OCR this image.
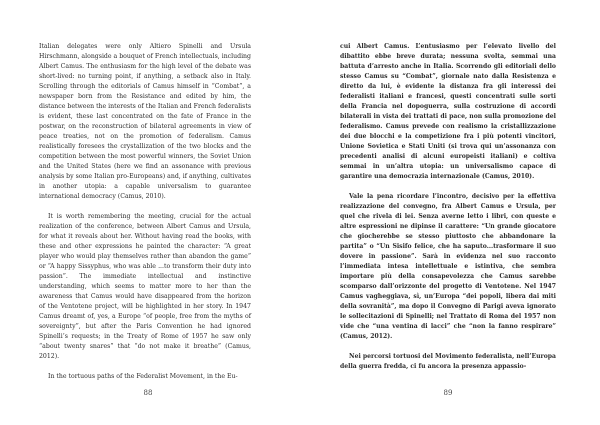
Italian delegates were only Altiero Spinelli and Ursula Hirschmann, alongside a bouquet of French intellectuals, including Albert Camus. The enthusiasm for the high level of the debate was short-lived: no turning point, if anything, a setback also in Italy. Scrolling through the editorials of Camus himself in “Combat”, a newspaper born from the Resistance and edited by him, the distance between the interests of the Italian and French federalists is evident, these last concentrated on the fate of France in the postwar, on the reconstruction of bilateral agreements in view of peace treaties, not on the promotion of federalism. Camus realistically foresees the crystallization of the two blocks and the competition between the most powerful winners, the Soviet Union and the United States (here we find an assonance with previous analysis by some Italian pro-Europeans) and, if anything, cultivates in another utopia: a capable universalism to guarantee international democracy (Camus, 2010).

It is worth remembering the meeting, crucial for the actual realization of the conference, between Albert Camus and Ursula, for what it reveals about her. Without having read the books, with these and other expressions he painted the character: “A great player who would play themselves rather than abandon the game” or “A happy Sissyphus, who was able ...to transform their duty into passion”. The immediate intellectual and instinctive understanding, which seems to matter more to her than the awareness that Camus would have disappeared from the horizon of the Ventotene project, will be highlighted in her story. In 1947 Camus dreamt of, yes, a Europe “of people, free from the myths of sovereignty”, but after the Paris Convention he had ignored Spinelli’s requests; in the Treaty of Rome of 1957 he saw only “about twenty snares” that “do not make it breathe” (Camus, 2012).

In the tortuous paths of the Federalist Movement, in the Eu-

88

cui Albert Camus. L’entusiasmo per l’elevato livello del dibattito ebbe breve durata; nessuna svolta, semmai una battuta d’arresto anche in Italia. Scorrendo gli editoriali dello stesso Camus su “Combat”, giornale nato dalla Resistenza e diretto da lui, è evidente la distanza fra gli interessi dei federalisti italiani e francesi, questi concentrati sulle sorti della Francia nel dopoguerra, sulla costruzione di accordi bilaterali in vista dei trattati di pace, non sulla promozione del federalismo. Camus prevede con realismo la cristallizzazione dei due blocchi e la competizione fra i più potenti vincitori, Unione Sovietica e Stati Uniti (si trova qui un’assonanza con precedenti analisi di alcuni europeisti italiani) e coltiva semmai in un’altra utopia: un universalismo capace di garantire una democrazia internazionale (Camus, 2010).

Vale la pena ricordare l’incontro, decisivo per la effettiva realizzazione del convegno, fra Albert Camus e Ursula, per quel che rivela di lei. Senza averne letto i libri, con queste e altre espressioni ne dipinse il carattere: “Un grande giocatore che giocherebbe se stesso piuttosto che abbandonare la partita” o “Un Sisifo felice, che ha saputo...trasformare il suo dovere in passione”. Sarà in evidenza nel suo racconto l’immediata intesa intellettuale e istintiva, che sembra importare più della consapevolezza che Camus sarebbe scomparso dall’orizzonte del progetto di Ventotene. Nel 1947 Camus vagheggiava, sì, un’Europa “dei popoli, libera dai miti della sovranità”, ma dopo il Convegno di Parigi aveva ignorato le sollecitazioni di Spinelli; nel Trattato di Roma del 1957 non vide che “una ventina di lacci” che “non la fanno respirare” (Camus, 2012).

Nei percorsi tortuosi del Movimento federalista, nell’Europa della guerra fredda, ci fu ancora la presenza appassio-

89
